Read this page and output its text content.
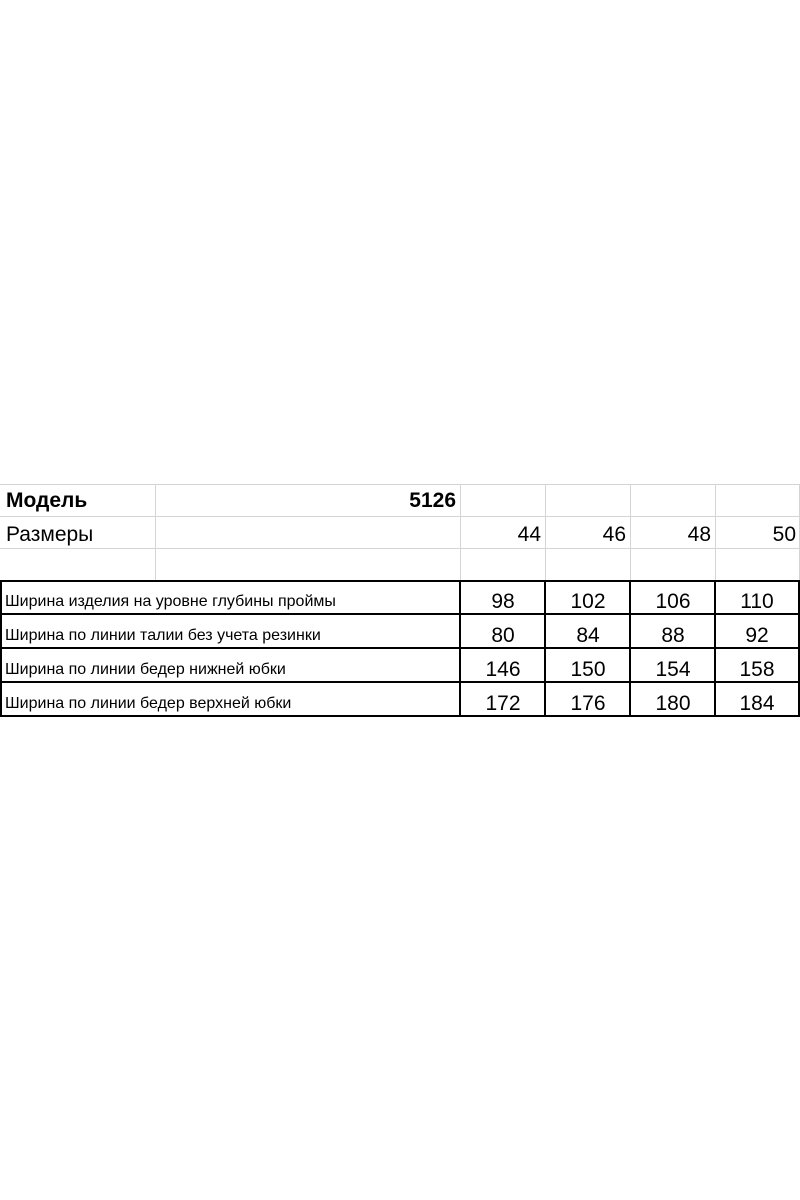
Модель	5126
Размеры	44	46	48	50
Ширина изделия на уровне глубины проймы	98	102	106	110
Ширина по линии талии без учета резинки	80	84	88	92
Ширина по линии бедер нижней юбки	146	150	154	158
Ширина по линии бедер верхней юбки	172	176	180	184
